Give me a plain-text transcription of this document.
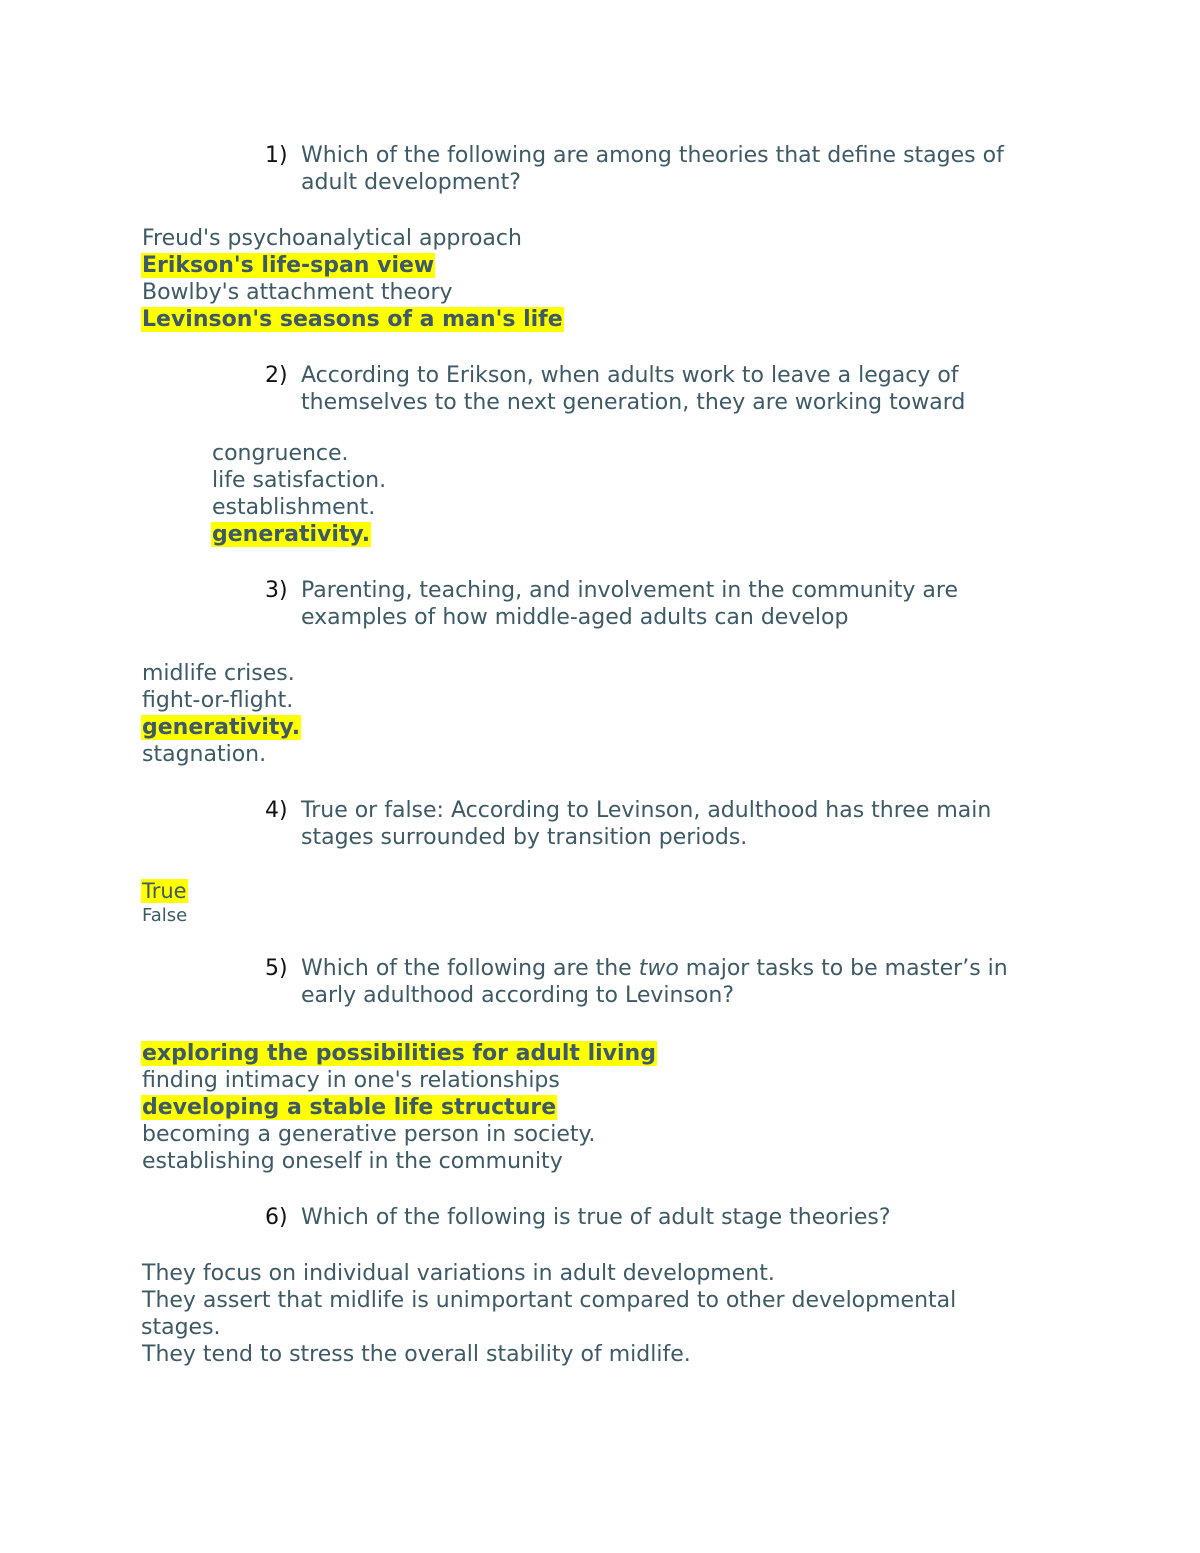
1) Which of the following are among theories that define stages of adult development?
Freud's psychoanalytical approach
Erikson's life-span view
Bowlby's attachment theory
Levinson's seasons of a man's life
2) According to Erikson, when adults work to leave a legacy of themselves to the next generation, they are working toward
congruence.
life satisfaction.
establishment.
generativity.
3) Parenting, teaching, and involvement in the community are examples of how middle-aged adults can develop
midlife crises.
fight-or-flight.
generativity.
stagnation.
4) True or false: According to Levinson, adulthood has three main stages surrounded by transition periods.
True
False
5) Which of the following are the two major tasks to be master’s in early adulthood according to Levinson?
exploring the possibilities for adult living
finding intimacy in one's relationships
developing a stable life structure
becoming a generative person in society.
establishing oneself in the community
6) Which of the following is true of adult stage theories?
They focus on individual variations in adult development.
They assert that midlife is unimportant compared to other developmental stages.
They tend to stress the overall stability of midlife.
